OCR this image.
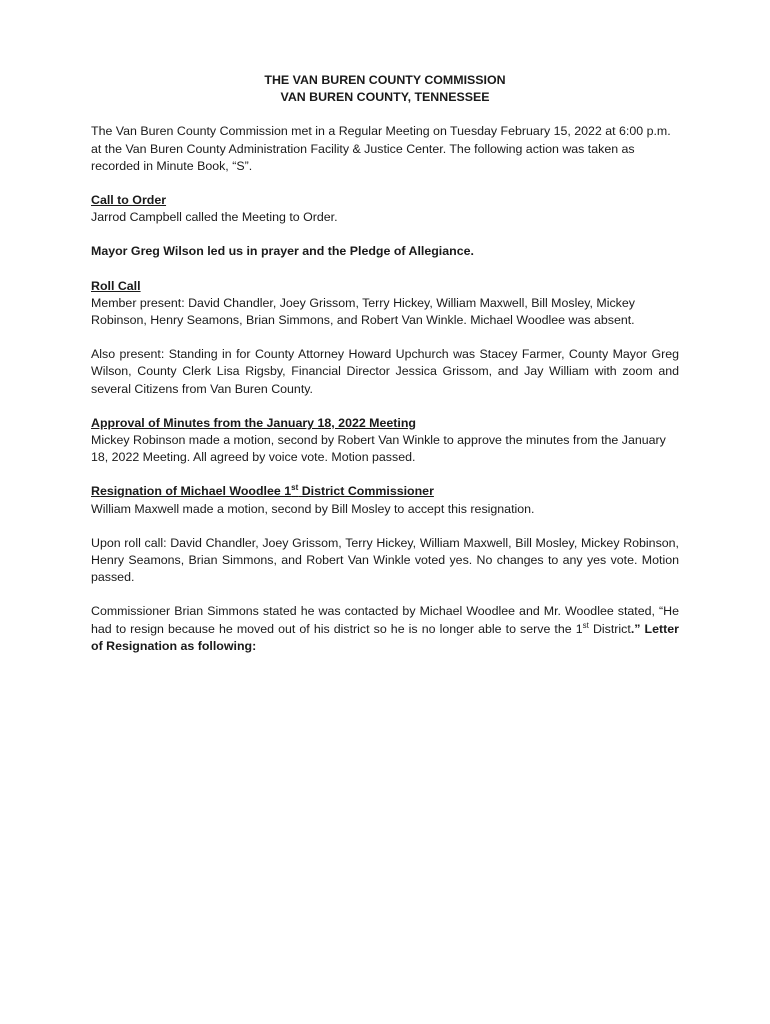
THE VAN BUREN COUNTY COMMISSION
VAN BUREN COUNTY, TENNESSEE

The Van Buren County Commission met in a Regular Meeting on Tuesday February 15, 2022 at 6:00 p.m. at the Van Buren County Administration Facility & Justice Center. The following action was taken as recorded in Minute Book, “S”.

Call to Order

Jarrod Campbell called the Meeting to Order.

Mayor Greg Wilson led us in prayer and the Pledge of Allegiance.

Roll Call

Member present: David Chandler, Joey Grissom, Terry Hickey, William Maxwell, Bill Mosley, Mickey Robinson, Henry Seamons, Brian Simmons, and Robert Van Winkle. Michael Woodlee was absent.

Also present: Standing in for County Attorney Howard Upchurch was Stacey Farmer, County Mayor Greg Wilson, County Clerk Lisa Rigsby, Financial Director Jessica Grissom, and Jay William with zoom and several Citizens from Van Buren County.

Approval of Minutes from the January 18, 2022 Meeting

Mickey Robinson made a motion, second by Robert Van Winkle to approve the minutes from the January 18, 2022 Meeting. All agreed by voice vote. Motion passed.

Resignation of Michael Woodlee 1st District Commissioner

William Maxwell made a motion, second by Bill Mosley to accept this resignation.

Upon roll call: David Chandler, Joey Grissom, Terry Hickey, William Maxwell, Bill Mosley, Mickey Robinson, Henry Seamons, Brian Simmons, and Robert Van Winkle voted yes. No changes to any yes vote. Motion passed.

Commissioner Brian Simmons stated he was contacted by Michael Woodlee and Mr. Woodlee stated, “He had to resign because he moved out of his district so he is no longer able to serve the 1st District.” Letter of Resignation as following:
